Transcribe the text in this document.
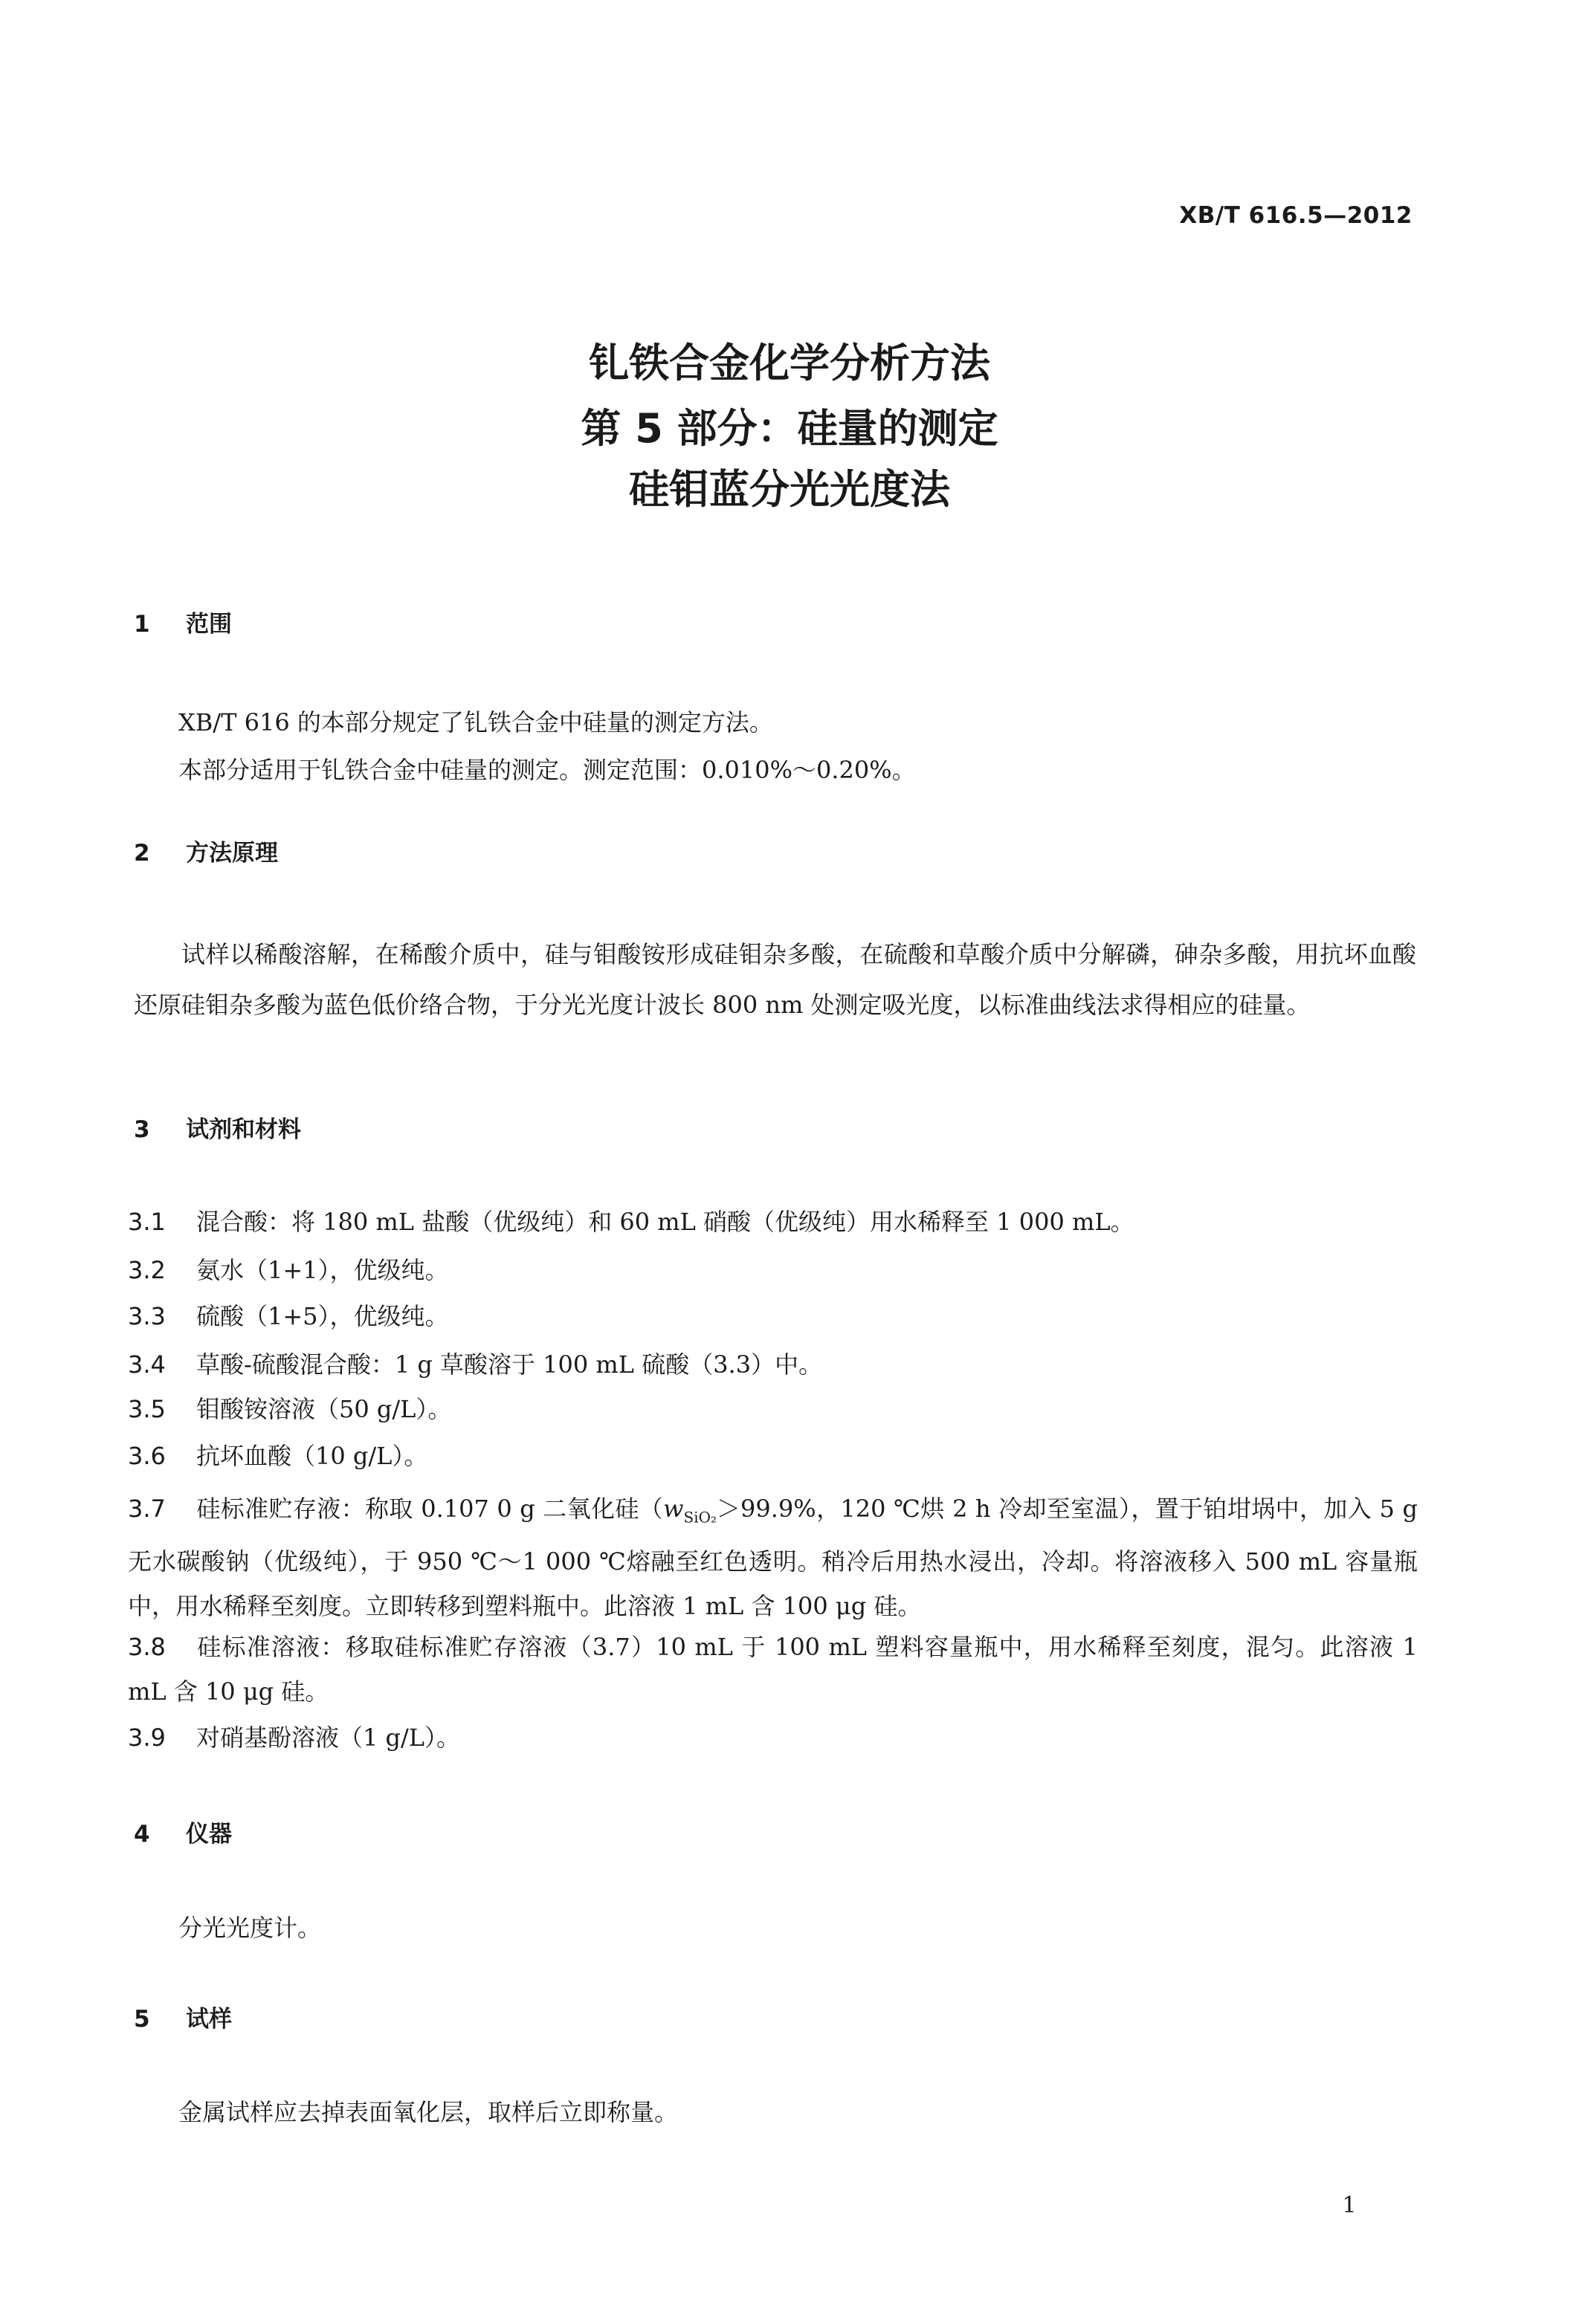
XB/T 616.5—2012
钆铁合金化学分析方法
第 5 部分：硅量的测定
硅钼蓝分光光度法
1 范围
XB/T 616 的本部分规定了钆铁合金中硅量的测定方法。
本部分适用于钆铁合金中硅量的测定。测定范围：0.010%～0.20%。
2 方法原理
试样以稀酸溶解，在稀酸介质中，硅与钼酸铵形成硅钼杂多酸，在硫酸和草酸介质中分解磷，砷杂多酸，用抗坏血酸还原硅钼杂多酸为蓝色低价络合物，于分光光度计波长 800 nm 处测定吸光度，以标准曲线法求得相应的硅量。
3 试剂和材料
3.1 混合酸：将 180 mL 盐酸（优级纯）和 60 mL 硝酸（优级纯）用水稀释至 1 000 mL。
3.2 氨水（1+1），优级纯。
3.3 硫酸（1+5），优级纯。
3.4 草酸-硫酸混合酸：1 g 草酸溶于 100 mL 硫酸（3.3）中。
3.5 钼酸铵溶液（50 g/L）。
3.6 抗坏血酸（10 g/L）。
3.7 硅标准贮存液：称取 0.107 0 g 二氧化硅（$w_{SiO_2}>99.9\%$，120 ℃烘 2 h 冷却至室温），置于铂坩埚中，加入 5 g 无水碳酸钠（优级纯），于 950 ℃～1 000 ℃熔融至红色透明。稍冷后用热水浸出，冷却。将溶液移入 500 mL 容量瓶中，用水稀释至刻度。立即转移到塑料瓶中。此溶液 1 mL 含 100 μg 硅。
3.8 硅标准溶液：移取硅标准贮存溶液（3.7）10 mL 于 100 mL 塑料容量瓶中，用水稀释至刻度，混匀。此溶液 1 mL 含 10 μg 硅。
3.9 对硝基酚溶液（1 g/L）。
4 仪器
分光光度计。
5 试样
金属试样应去掉表面氧化层，取样后立即称量。
1
